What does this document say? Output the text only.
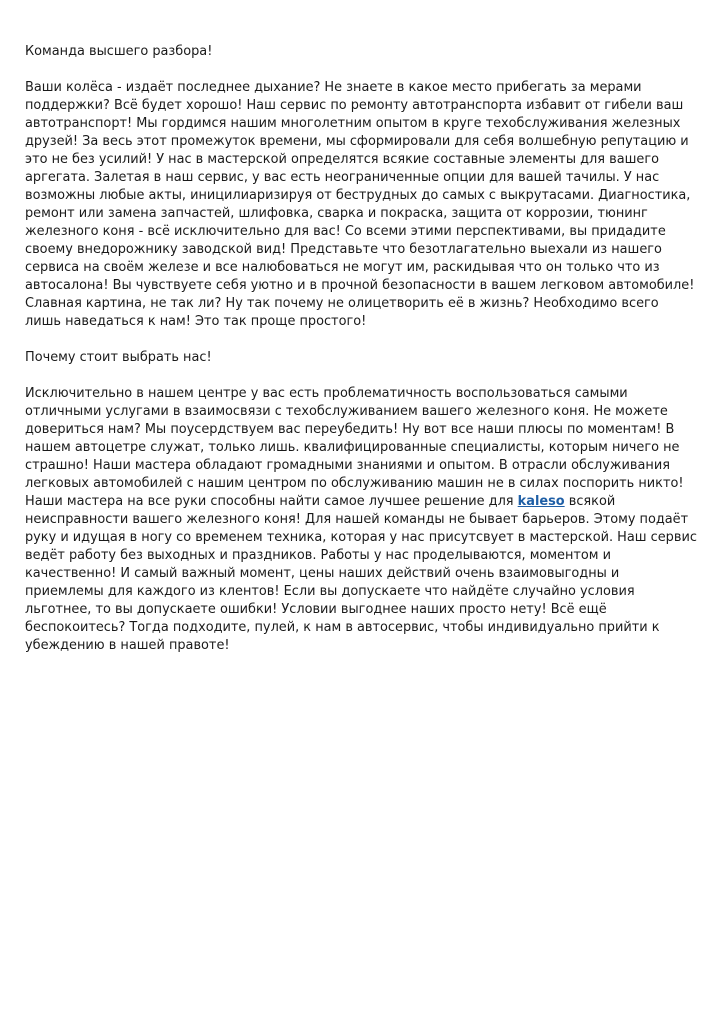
Команда высшего разбора!

Ваши колёса - издаёт последнее дыхание? Не знаете в какое место прибегать за мерами поддержки? Всё будет хорошо! Наш сервис по ремонту автотранспорта избавит от гибели ваш автотранспорт! Мы гордимся нашим многолетним опытом в круге техобслуживания железных друзей! За весь этот промежуток времени, мы сформировали для себя волшебную репутацию и это не без усилий! У нас в мастерской определятся всякие составные элементы для вашего аргегата. Залетая в наш сервис, у вас есть неограниченные опции для вашей тачилы. У нас возможны любые акты, иницилиаризируя от беструдных до самых с выкрутасами. Диагностика, ремонт или замена запчастей, шлифовка, сварка и покраска, защита от коррозии, тюнинг железного коня - всё исключительно для вас! Со всеми этими перспективами, вы придадите своему внедорожнику заводской вид! Представьте что безотлагательно выехали из нашего сервиса на своём железе и все налюбоваться не могут им, раскидывая что он только что из автосалона! Вы чувствуете себя уютно и в прочной безопасности в вашем легковом автомобиле! Славная картина, не так ли? Ну так почему не олицетворить её в жизнь? Необходимо всего лишь наведаться к нам! Это так проще простого!

Почему стоит выбрать нас!

Исключительно в нашем центре у вас есть проблематичность воспользоваться самыми отличными услугами в взаимосвязи с техобслуживанием вашего железного коня. Не можете довериться нам? Мы поусердствуем вас переубедить! Ну вот все наши плюсы по моментам! В нашем автоцетре служат, только лишь. квалифицированные специалисты, которым ничего не страшно! Наши мастера обладают громадными знаниями и опытом. В отрасли обслуживания легковых автомобилей с нашим центром по обслуживанию машин не в силах поспорить никто! Наши мастера на все руки способны найти самое лучшее решение для kaleso всякой неисправности вашего железного коня! Для нашей команды не бывает барьеров. Этому подаёт руку и идущая в ногу со временем техника, которая у нас присутсвует в мастерской. Наш сервис ведёт работу без выходных и праздников. Работы у нас проделываются, моментом и качественно! И самый важный момент, цены наших действий очень взаимовыгодны и приемлемы для каждого из клентов! Если вы допускаете что найдёте случайно условия льготнее, то вы допускаете ошибки! Условии выгоднее наших просто нету! Всё ещё беспокоитесь? Тогда подходите, пулей, к нам в автосервис, чтобы индивидуально прийти к убеждению в нашей правоте!
